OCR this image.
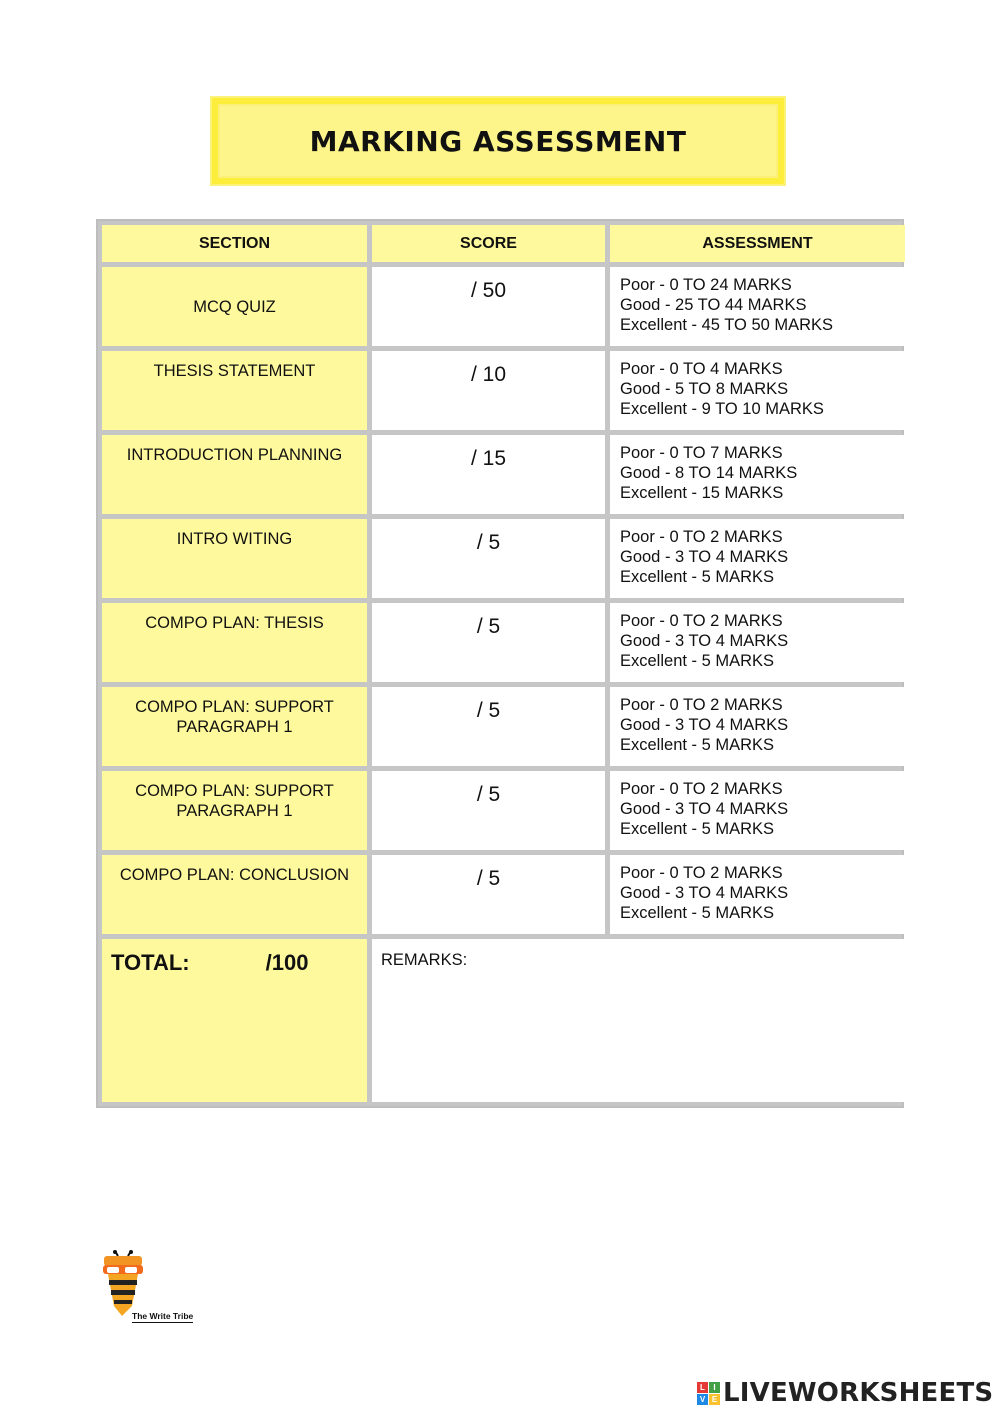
MARKING ASSESSMENT
SECTION	SCORE	ASSESSMENT
MCQ QUIZ
/ 50	Poor - 0 TO 24 MARKS
Good - 25 TO 44 MARKS
Excellent - 45 TO 50 MARKS
THESIS STATEMENT	/ 10	Poor - 0 TO 4 MARKS
Good - 5 TO 8 MARKS
Excellent - 9 TO 10 MARKS
INTRODUCTION PLANNING	/ 15	Poor - 0 TO 7 MARKS
Good - 8 TO 14 MARKS
Excellent - 15 MARKS
INTRO WITING	/ 5	Poor - 0 TO 2 MARKS
Good - 3 TO 4 MARKS
Excellent - 5 MARKS
COMPO PLAN: THESIS	/ 5	Poor - 0 TO 2 MARKS
Good - 3 TO 4 MARKS
Excellent - 5 MARKS
COMPO PLAN: SUPPORT PARAGRAPH 1
/ 5	Poor - 0 TO 2 MARKS
Good - 3 TO 4 MARKS
Excellent - 5 MARKS
COMPO PLAN: SUPPORT PARAGRAPH 1
/ 5	Poor - 0 TO 2 MARKS
Good - 3 TO 4 MARKS
Excellent - 5 MARKS
COMPO PLAN: CONCLUSION	/ 5	Poor - 0 TO 2 MARKS
Good - 3 TO 4 MARKS
Excellent - 5 MARKS
TOTAL:	/100	REMARKS:
The Write Tribe
L	I
V E LIVEWORKSHEETS
